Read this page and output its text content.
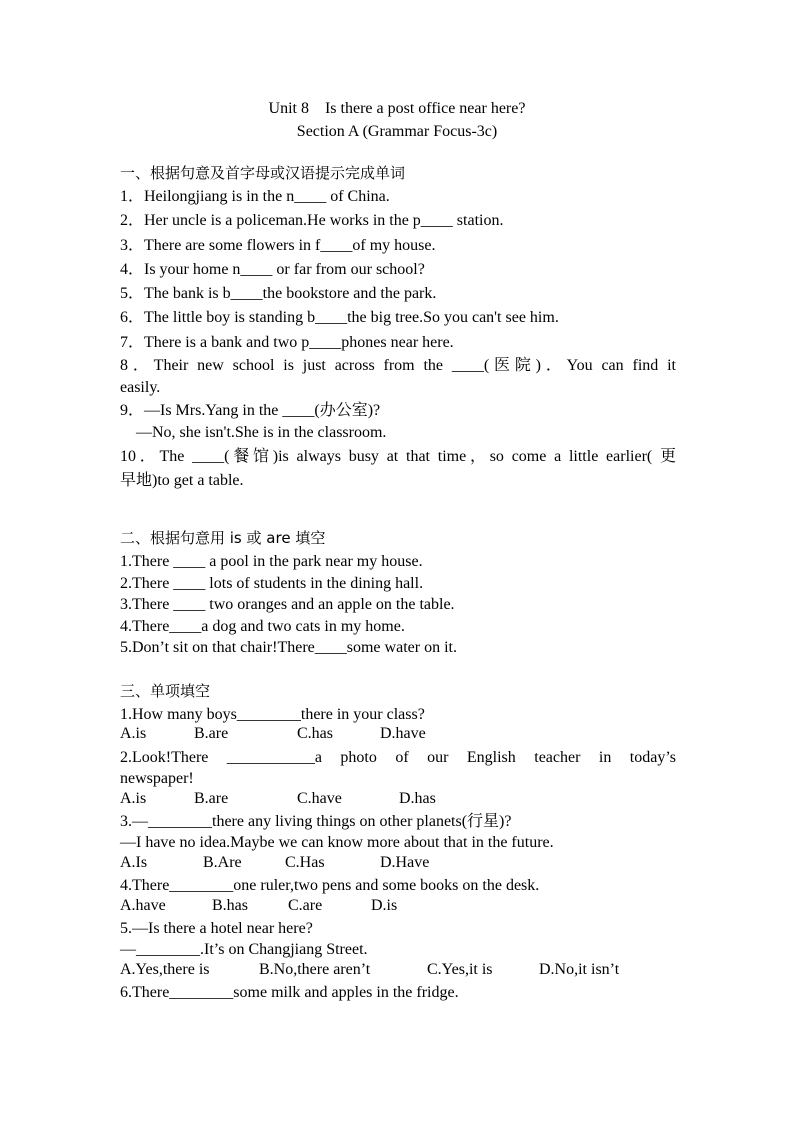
Unit 8    Is there a post office near here?
Section A (Grammar Focus-3c)
一、根据句意及首字母或汉语提示完成单词
1．Heilongjiang is in the n____ of China.
2．Her uncle is a policeman.He works in the p____ station.
3．There are some flowers in f____of my house.
4．Is your home n____ or far from our school?
5．The bank is b____the bookstore and the park.
6．The little boy is standing b____the big tree.So you can't see him.
7．There is a bank and two p____phones near here.
8．Their new school is just across from the ____(医院)．You can find it
easily.
9．—Is Mrs.Yang in the ____(办公室)?
—No, she isn't.She is in the classroom.
10．The ____(餐馆)is always busy at that time，so come a little earlier( 更
早地)to get a table.
二、根据句意用 is 或 are 填空
1.There ____ a pool in the park near my house.
2.There ____ lots of students in the dining hall.
3.There ____ two oranges and an apple on the table.
4.There____a dog and two cats in my home.
5.Don’t sit on that chair!There____some water on it.
三、单项填空
1.How many boys________there in your class?
A.is	B.are	C.has	D.have
2.Look!There ___________a photo of our English teacher in today’s
newspaper!
A.is	B.are	C.have	D.has
3.—________there any living things on other planets(行星)?
—I have no idea.Maybe we can know more about that in the future.
A.Is	B.Are	C.Has	D.Have
4.There________one ruler,two pens and some books on the desk.
A.have	B.has	C.are	D.is
5.—Is there a hotel near here?
—________.It’s on Changjiang Street.
A.Yes,there is	B.No,there aren’t	C.Yes,it is	D.No,it isn’t
6.There________some milk and apples in the fridge.
